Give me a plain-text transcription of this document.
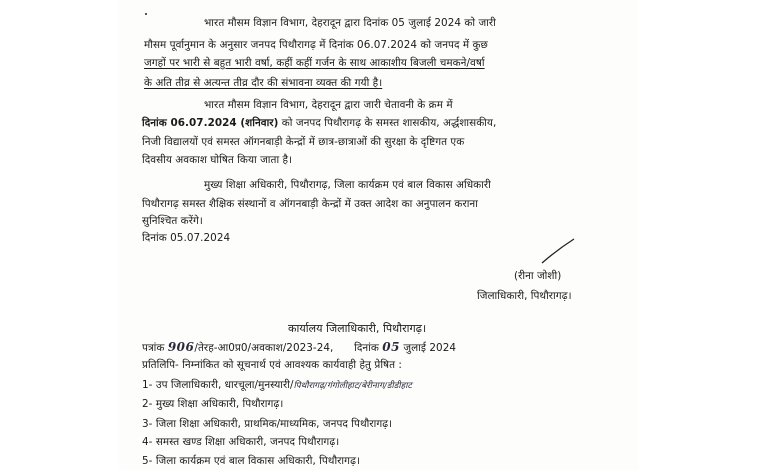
भारत मौसम विज्ञान विभाग, देहरादून द्वारा दिनांक 05 जुलाई 2024 को जारी
मौसम पूर्वानुमान के अनुसार जनपद पिथौरागढ़ में दिनांक 06.07.2024 को जनपद में कुछ
जगहों पर भारी से बहुत भारी वर्षा, कहीं कहीं गर्जन के साथ आकाशीय बिजली चमकने/वर्षा
के अति तीव्र से अत्यन्त तीव्र दौर की संभावना व्यक्त की गयी है।
भारत मौसम विज्ञान विभाग, देहरादून द्वारा जारी चेतावनी के क्रम में
दिनांक 06.07.2024 (शनिवार) को जनपद पिथौरागढ़ के समस्त शासकीय, अर्द्धशासकीय,
निजी विद्यालयों एवं समस्त ऑगनबाड़ी केन्द्रों में छात्र-छात्राओं की सुरक्षा के दृष्टिगत एक
दिवसीय अवकाश घोषित किया जाता है।
मुख्य शिक्षा अधिकारी, पिथौरागढ़, जिला कार्यक्रम एवं बाल विकास अधिकारी
पिथौरागढ़ समस्त शैक्षिक संस्थानों व ऑगनबाड़ी केन्द्रों में उक्त आदेश का अनुपालन कराना
सुनिश्चित करेंगे।
दिनांक 05.07.2024
(रीना जोशी)
जिलाधिकारी, पिथौरागढ़।
कार्यालय जिलाधिकारी, पिथौरागढ़।
पत्रांक 906/तेरह-आ0प्र0/अवकाश/2023-24, दिनांक 05 जुलाई 2024
प्रतिलिपि- निम्नांकित को सूचनार्थ एवं आवश्यक कार्यवाही हेतु प्रेषित :
1- उप जिलाधिकारी, धारचूला/मुनस्यारी/पिथौरागढ़/गंगोलीहाट/बेरीनाग/डीडीहाट
2- मुख्य शिक्षा अधिकारी, पिथौरागढ़।
3- जिला शिक्षा अधिकारी, प्राथमिक/माध्यमिक, जनपद पिथौरागढ़।
4- समस्त खण्ड शिक्षा अधिकारी, जनपद पिथौरागढ़।
5- जिला कार्यक्रम एवं बाल विकास अधिकारी, पिथौरागढ़।
